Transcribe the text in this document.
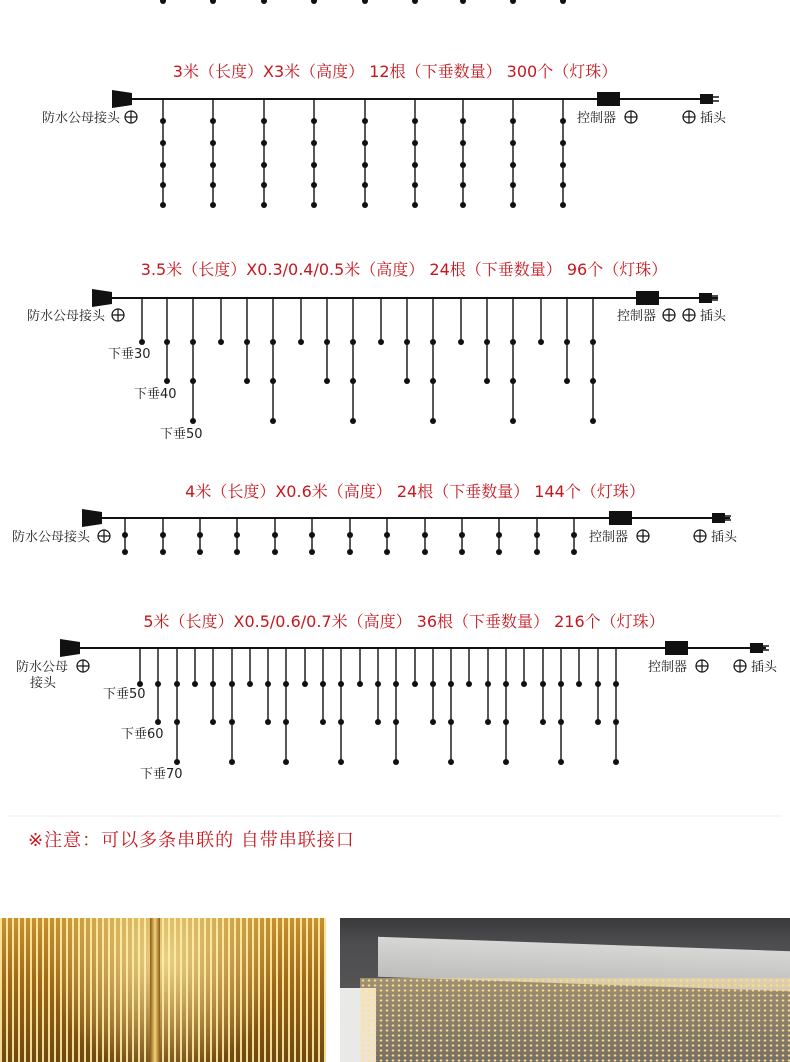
3米（长度）X3米（高度） 12根（下垂数量） 300个（灯珠）
防水公母接头	控制器	插头
3.5米（长度）X0.3/0.4/0.5米（高度） 24根（下垂数量） 96个（灯珠）
防水公母接头	控制器	插头
下垂30
下垂40
下垂50
4米（长度）X0.6米（高度） 24根（下垂数量） 144个（灯珠）
防水公母接头	控制器	插头
5米（长度）X0.5/0.6/0.7米（高度） 36根（下垂数量） 216个（灯珠）
防水公母
接头
控制器	插头
下垂50
下垂60
下垂70
※注意：可以多条串联的 自带串联接口
